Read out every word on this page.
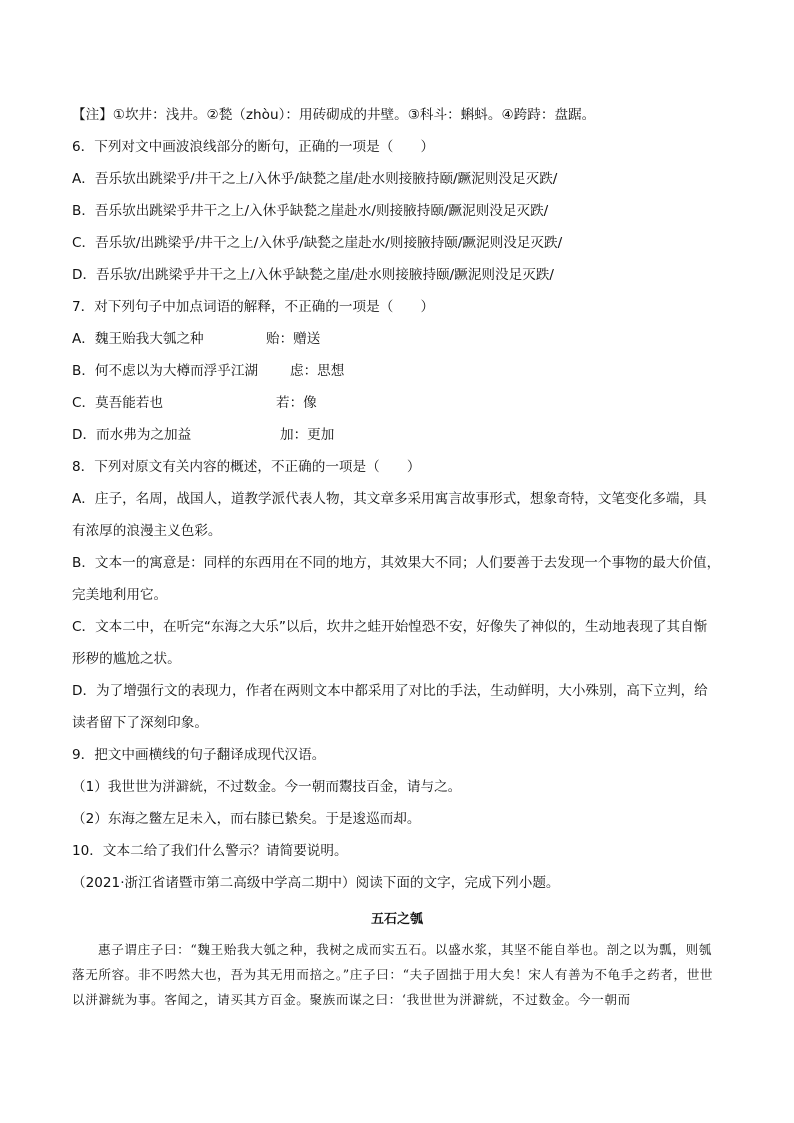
【注】①坎井：浅井。②甃（zhòu）：用砖砌成的井壁。③科斗：蝌蚪。④跨跱：盘踞。
6．下列对文中画波浪线部分的断句，正确的一项是（　　）
A．吾乐欤出跳梁乎/井干之上/入休乎/缺甃之崖/赴水则接腋持颐/蹶泥则没足灭跌/
B．吾乐欤出跳梁乎井干之上/入休乎缺甃之崖赴水/则接腋持颐/蹶泥则没足灭跌/
C．吾乐欤/出跳梁乎/井干之上/入休乎/缺甃之崖赴水/则接腋持颐/蹶泥则没足灭跌/
D．吾乐欤/出跳梁乎井干之上/入休乎缺甃之崖/赴水则接腋持颐/蹶泥则没足灭跌/
7．对下列句子中加点词语的解释，不正确的一项是（　　）
A．魏王贻我大瓠之种	贻：赠送
B．何不虑以为大樽而浮乎江湖 虑：思想
C．莫吾能若也	若：像
D．而水弗为之加益	加：更加
8．下列对原文有关内容的概述，不正确的一项是（　　）
A．庄子，名周，战国人，道教学派代表人物，其文章多采用寓言故事形式，想象奇特，文笔变化多端，具
有浓厚的浪漫主义色彩。
B．文本一的寓意是：同样的东西用在不同的地方，其效果大不同；人们要善于去发现一个事物的最大价值，
完美地利用它。
C．文本二中，在听完“东海之大乐”以后，坎井之蛙开始惶恐不安，好像失了神似的，生动地表现了其自惭
形秽的尴尬之状。
D．为了增强行文的表现力，作者在两则文本中都采用了对比的手法，生动鲜明，大小殊别，高下立判，给
读者留下了深刻印象。
9．把文中画横线的句子翻译成现代汉语。
（1）我世世为洴澼絖，不过数金。今一朝而鬻技百金，请与之。
（2）东海之鳖左足未入，而右膝已絷矣。于是逡巡而却。
10．文本二给了我们什么警示？请简要说明。
（2021·浙江省诸暨市第二高级中学高二期中）阅读下面的文字，完成下列小题。
五石之瓠
惠子谓庄子曰：“魏王贻我大瓠之种，我树之成而实五石。以盛水浆，其坚不能自举也。剖之以为瓢，则瓠落无所容。非不呺然大也，吾为其无用而掊之。”庄子曰：“夫子固拙于用大矣！宋人有善为不龟手之药者，世世以洴澼絖为事。客闻之，请买其方百金。聚族而谋之曰：‘我世世为洴澼絖，不过数金。今一朝而
